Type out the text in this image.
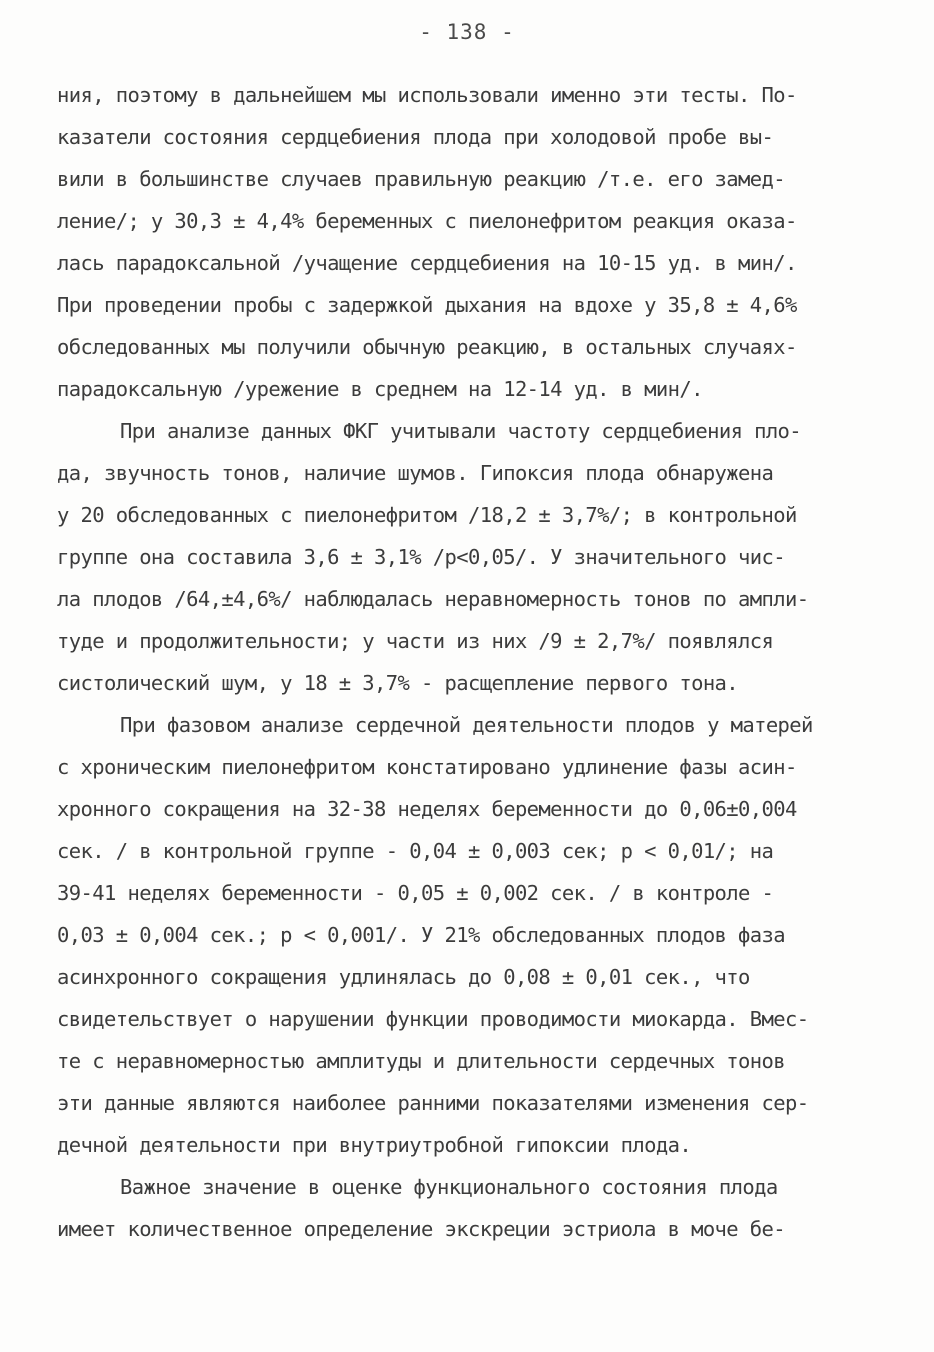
- 138 -
ния, поэтому в дальнейшем мы использовали именно эти тесты. По-
казатели состояния сердцебиения плода при холодовой пробе вы-
вили в большинстве случаев правильную реакцию /т.е. его замед-
ление/; у 30,3 ± 4,4% беременных с пиелонефритом реакция оказа-
лась парадоксальной /учащение сердцебиения на 10-15 уд. в мин/.
При проведении пробы с задержкой дыхания на вдохе у 35,8 ± 4,6%
обследованных мы получили обычную реакцию, в остальных случаях-
парадоксальную /урежение в среднем на 12-14 уд. в мин/.
При анализе данных ФКГ учитывали частоту сердцебиения пло-
да, звучность тонов, наличие шумов. Гипоксия плода обнаружена
у 20 обследованных с пиелонефритом /18,2 ± 3,7%/; в контрольной
группе она составила 3,6 ± 3,1% /p<0,05/. У значительного чис-
ла плодов /64,±4,6%/ наблюдалась неравномерность тонов по ампли-
туде и продолжительности; у части из них /9 ± 2,7%/ появлялся
систолический шум, у 18 ± 3,7% - расщепление первого тона.
При фазовом анализе сердечной деятельности плодов у матерей
с хроническим пиелонефритом констатировано удлинение фазы асин-
хронного сокращения на 32-38 неделях беременности до 0,06±0,004
сек. / в контрольной группе - 0,04 ± 0,003 сек; p < 0,01/; на
39-41 неделях беременности - 0,05 ± 0,002 сек. / в контроле -
0,03 ± 0,004 сек.; p < 0,001/. У 21% обследованных плодов фаза
асинхронного сокращения удлинялась до 0,08 ± 0,01 сек., что
свидетельствует о нарушении функции проводимости миокарда. Вмес-
те с неравномерностью амплитуды и длительности сердечных тонов
эти данные являются наиболее ранними показателями изменения сер-
дечной деятельности при внутриутробной гипоксии плода.
Важное значение в оценке функционального состояния плода
имеет количественное определение экскреции эстриола в моче бе-
